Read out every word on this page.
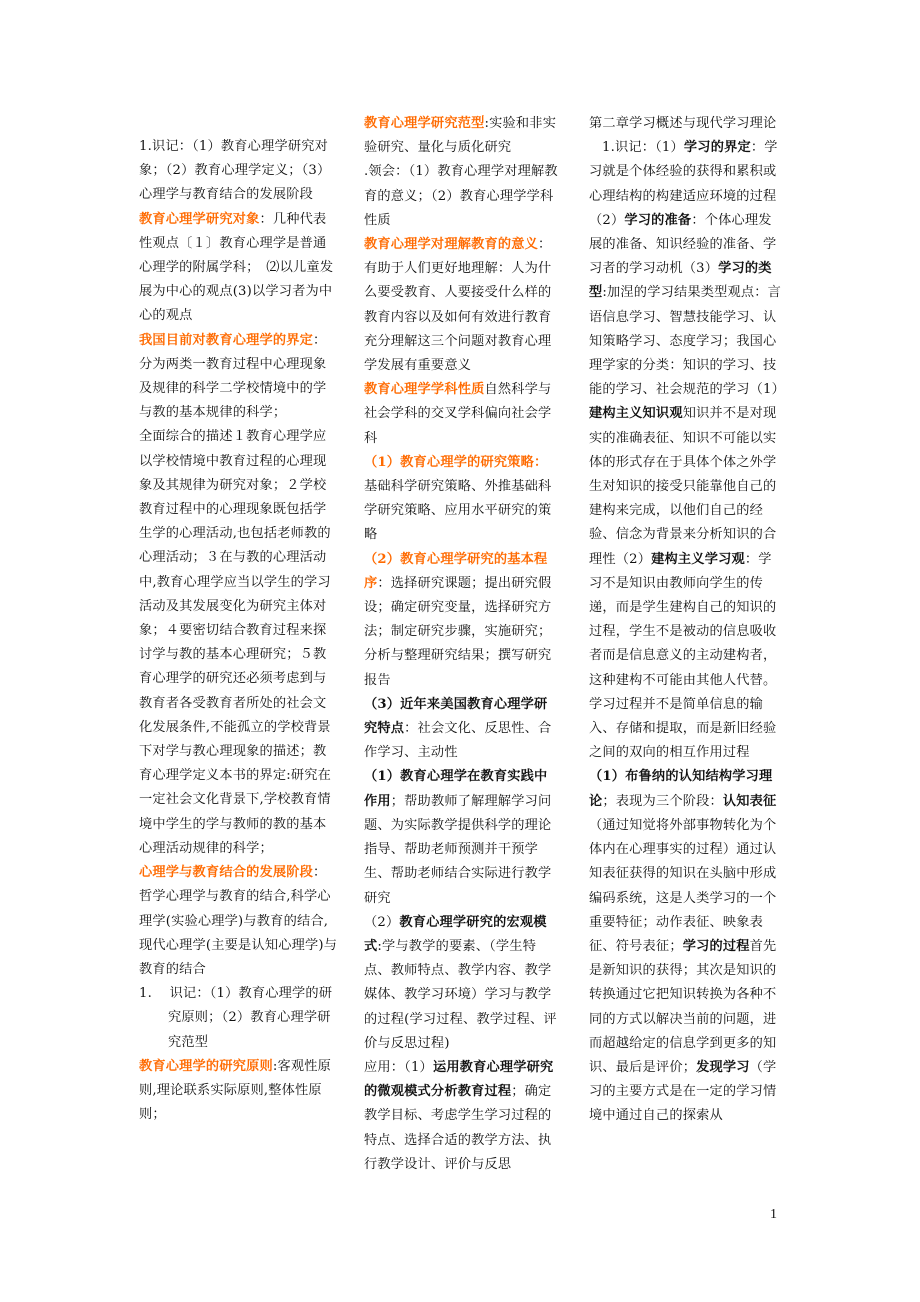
1.识记：（1）教育心理学研究对象；（2）教育心理学定义；（3）心理学与教育结合的发展阶段
教育心理学研究对象：几种代表性观点〔１〕教育心理学是普通心理学的附属学科；　⑵以儿童发展为中心的观点(3)以学习者为中心的观点
我国目前对教育心理学的界定：分为两类一教育过程中心理现象及规律的科学二学校情境中的学与教的基本规律的科学；
全面综合的描述１教育心理学应以学校情境中教育过程的心理现象及其规律为研究对象；２学校教育过程中的心理现象既包括学生学的心理活动,也包括老师教的心理活动；３在与教的心理活动中,教育心理学应当以学生的学习活动及其发展变化为研究主体对象；４要密切结合教育过程来探讨学与教的基本心理研究；５教育心理学的研究还必须考虑到与教育者各受教育者所处的社会文化发展条件,不能孤立的学校背景下对学与教心理现象的描述；教育心理学定义本书的界定:研究在一定社会文化背景下,学校教育情境中学生的学与教师的教的基本心理活动规律的科学；
心理学与教育结合的发展阶段：哲学心理学与教育的结合,科学心理学(实验心理学)与教育的结合,现代心理学(主要是认知心理学)与教育的结合
1. 识记：（1）教育心理学的研究原则；（2）教育心理学研究范型
教育心理学的研究原则:客观性原则,理论联系实际原则,整体性原则；
教育心理学研究范型:实验和非实验研究、量化与质化研究
.领会：（1）教育心理学对理解教育的意义；（2）教育心理学学科性质
教育心理学对理解教育的意义：有助于人们更好地理解：人为什么要受教育、人要接受什么样的教育内容以及如何有效进行教育充分理解这三个问题对教育心理学发展有重要意义
教育心理学学科性质自然科学与社会学科的交叉学科偏向社会学科
（1）教育心理学的研究策略：基础科学研究策略、外推基础科学研究策略、应用水平研究的策略
（2）教育心理学研究的基本程序：选择研究课题；提出研究假设；确定研究变量，选择研究方法；制定研究步骤，实施研究；分析与整理研究结果；撰写研究报告
（3）近年来美国教育心理学研究特点：社会文化、反思性、合作学习、主动性
（1）教育心理学在教育实践中作用；帮助教师了解理解学习问题、为实际教学提供科学的理论指导、帮助老师预测并干预学生、帮助老师结合实际进行教学研究
（2）教育心理学研究的宏观模式:学与教学的要素、（学生特点、教师特点、教学内容、教学媒体、教学习环境）学习与教学的过程(学习过程、教学过程、评价与反思过程)
应用：（1）运用教育心理学研究的微观模式分析教育过程；确定教学目标、考虑学生学习过程的特点、选择合适的教学方法、执行教学设计、评价与反思
第二章学习概述与现代学习理论
1.识记：（1）学习的界定：学习就是个体经验的获得和累积或心理结构的构建适应环境的过程（2）学习的准备：个体心理发展的准备、知识经验的准备、学习者的学习动机（3）学习的类型:加涅的学习结果类型观点：言语信息学习、智慧技能学习、认知策略学习、态度学习；我国心理学家的分类：知识的学习、技能的学习、社会规范的学习（1）建构主义知识观知识并不是对现实的准确表征、知识不可能以实体的形式存在于具体个体之外学生对知识的接受只能靠他自己的建构来完成，以他们自己的经验、信念为背景来分析知识的合理性（2）建构主义学习观：学习不是知识由教师向学生的传递，而是学生建构自己的知识的过程，学生不是被动的信息吸收者而是信息意义的主动建构者，这种建构不可能由其他人代替。学习过程并不是简单信息的输入、存储和提取，而是新旧经验之间的双向的相互作用过程
（1）布鲁纳的认知结构学习理论；表现为三个阶段：认知表征（通过知觉将外部事物转化为个体内在心理事实的过程）通过认知表征获得的知识在头脑中形成编码系统，这是人类学习的一个重要特征；动作表征、映象表征、符号表征；学习的过程首先是新知识的获得；其次是知识的转换通过它把知识转换为各种不同的方式以解决当前的问题，进而超越给定的信息学到更多的知识、最后是评价；发现学习（学习的主要方式是在一定的学习情境中通过自己的探索从
1
